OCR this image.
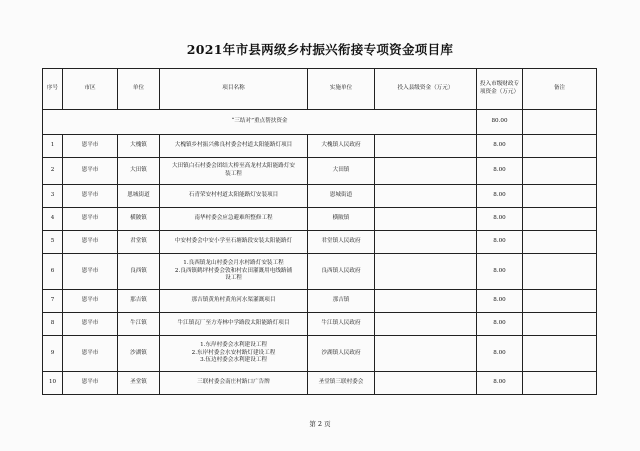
2021年市县两级乡村振兴衔接专项资金项目库
序号	市区	单位	项目名称	实施单位	投入县级资金（万元）	投入市级财政专项资金（万元）	备注
“三结对”重点帮扶资金						80.00	
1	恩平市	大槐镇	大槐镇乡村振兴佛良村委会村道太阳能路灯项目	大槐镇人民政府		8.00	
2	恩平市	大田镇	大田镇白石村委会团结大桥至高龙村太阳能路灯安
装工程	大田镇		8.00	
3	恩平市	恩城街道	石青荣安村村道太阳能路灯安装项目	恩城街道		8.00	
4	恩平市	横陂镇	南华村委会应急避难所整修工程	横陂镇		8.00	
5	恩平市	君堂镇	中安村委会中安小学至石塘路段安装太阳能路灯	君堂镇人民政府		8.00	
6	恩平市	良西镇	1.良西镇龙山村委会月水村路灯安装工程
2.良西镇鹤坪村委会敦和村农田灌溉用电线路铺
设工程	良西镇人民政府		8.00	
7	恩平市	那吉镇	那吉镇黄角村黄角河水渠灌溉项目	那吉镇		8.00	
8	恩平市	牛江镇	牛江镇瓦厂至方寿林中学路段太阳能路灯项目	牛江镇人民政府		8.00	
9	恩平市	沙湖镇	1.东岸村委会水利建设工程
2.东岸村委会水安村路灯建设工程
3.伍边村委会水利建设工程	沙湖镇人民政府		8.00	
10	恩平市	圣堂镇	三联村委会南庄村路口广告牌	圣堂镇三联村委会		8.00	
第 2 页
